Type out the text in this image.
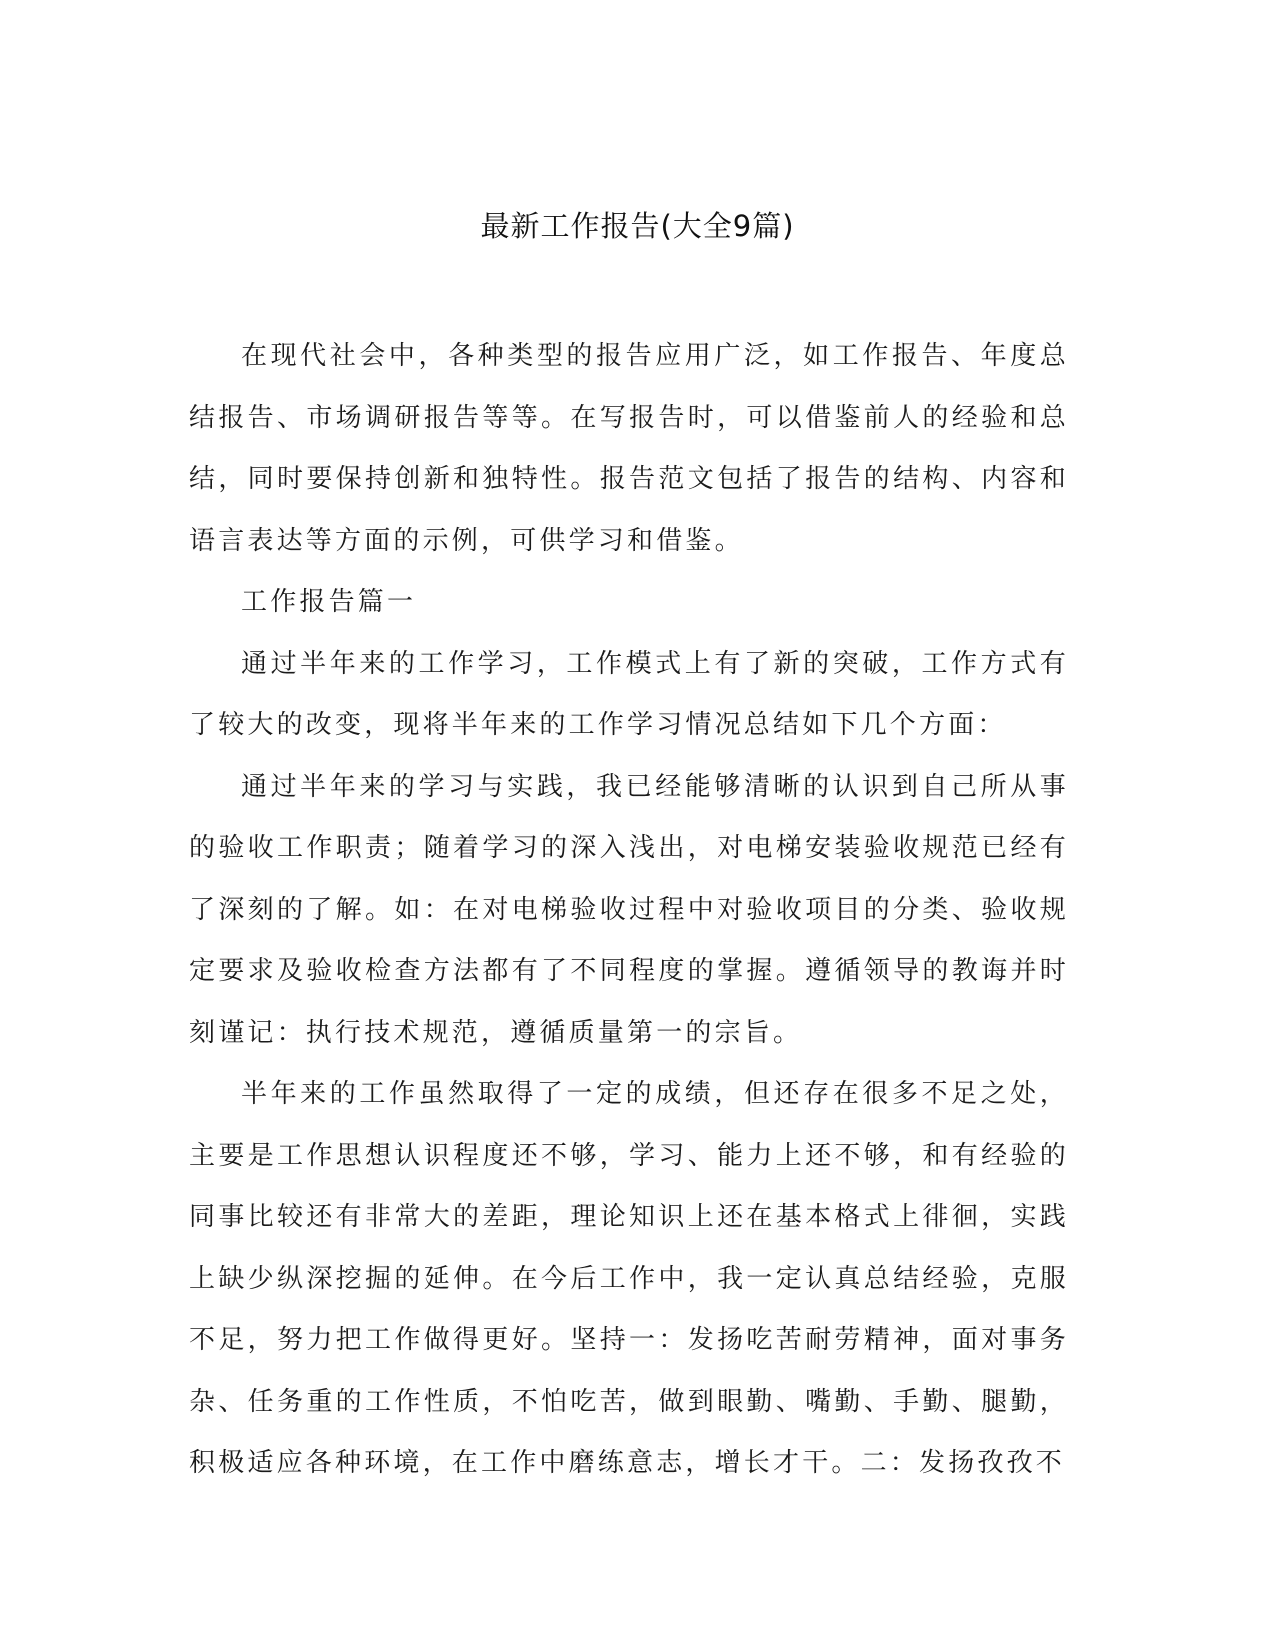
最新工作报告(大全9篇)

在现代社会中，各种类型的报告应用广泛，如工作报告、年度总结报告、市场调研报告等等。在写报告时，可以借鉴前人的经验和总结，同时要保持创新和独特性。报告范文包括了报告的结构、内容和语言表达等方面的示例，可供学习和借鉴。

工作报告篇一

通过半年来的工作学习，工作模式上有了新的突破，工作方式有了较大的改变，现将半年来的工作学习情况总结如下几个方面：

通过半年来的学习与实践，我已经能够清晰的认识到自己所从事的验收工作职责；随着学习的深入浅出，对电梯安装验收规范已经有了深刻的了解。如：在对电梯验收过程中对验收项目的分类、验收规定要求及验收检查方法都有了不同程度的掌握。遵循领导的教诲并时刻谨记：执行技术规范，遵循质量第一的宗旨。

半年来的工作虽然取得了一定的成绩，但还存在很多不足之处，主要是工作思想认识程度还不够，学习、能力上还不够，和有经验的同事比较还有非常大的差距，理论知识上还在基本格式上徘徊，实践上缺少纵深挖掘的延伸。在今后工作中，我一定认真总结经验，克服不足，努力把工作做得更好。坚持一：发扬吃苦耐劳精神，面对事务杂、任务重的工作性质，不怕吃苦，做到眼勤、嘴勤、手勤、腿勤，积极适应各种环境，在工作中磨练意志，增长才干。二：发扬孜孜不
